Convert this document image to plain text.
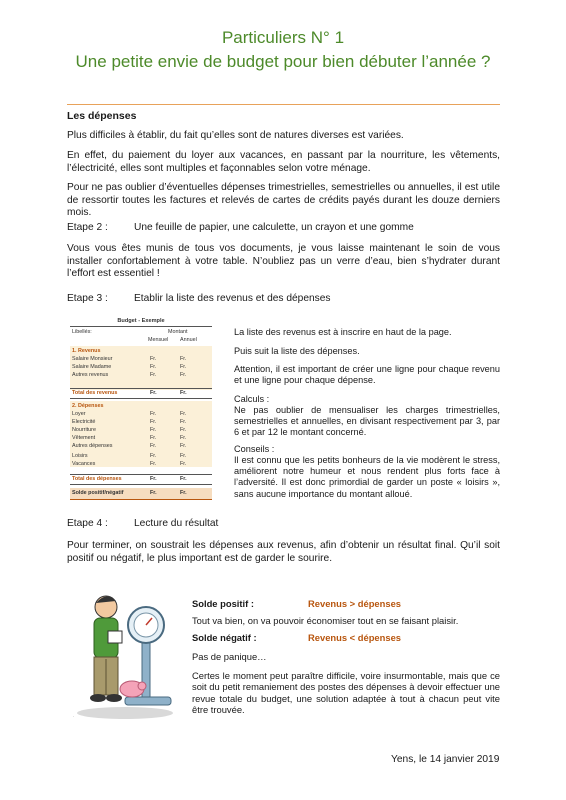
Particuliers N° 1
Une petite envie de budget pour bien débuter l’année ?
Les dépenses
Plus difficiles à établir, du fait qu’elles sont de natures diverses est variées.
En effet, du paiement du loyer aux vacances, en passant par la nourriture, les vêtements, l’électricité, elles sont multiples et façonnables selon votre ménage.
Pour ne pas oublier d’éventuelles dépenses trimestrielles, semestrielles ou annuelles, il est utile de ressortir toutes les factures et relevés de cartes de crédits payés durant les douze derniers mois.
Etape 2 :	Une feuille de papier, une calculette, un crayon et une gomme
Vous vous êtes munis de tous vos documents, je vous laisse maintenant le soin de vous installer confortablement à votre table. N’oubliez pas un verre d’eau, bien s’hydrater durant l’effort est essentiel !
Etape 3 :	Etablir la liste des revenus et des dépenses
Budget - Exemple
Libellés:	Montant
Mensuel Annuel
1. Revenus
Salaire Monsieur	Fr.	Fr.
Salaire Madame	Fr.	Fr.
Autres revenus	Fr.	Fr.
Total des revenus	Fr.	Fr.
2. Dépenses
Loyer	Fr.	Fr.
Electricité	Fr.	Fr.
Nourriture	Fr.	Fr.
Vêtement	Fr.	Fr.
Autres dépenses	Fr.	Fr.
Loisirs	Fr.	Fr.
Vacances	Fr.	Fr.
Total des dépenses	Fr.	Fr.
Solde positif/négatif	Fr.	Fr.
La liste des revenus est à inscrire en haut de la page.
Puis suit la liste des dépenses.
Attention, il est important de créer une ligne pour chaque revenu et une ligne pour chaque dépense.
Calculs :
Ne pas oublier de mensualiser les charges trimestrielles, semestrielles et annuelles, en divisant respectivement par 3, par 6 et par 12 le montant concerné.
Conseils :
Il est connu que les petits bonheurs de la vie modèrent le stress, améliorent notre humeur et nous rendent plus forts face à l’adversité. Il est donc primordial de garder un poste « loisirs », sans aucune importance du montant alloué.
Etape 4 :	Lecture du résultat
Pour terminer, on soustrait les dépenses aux revenus, afin d’obtenir un résultat final. Qu’il soit positif ou négatif, le plus important est de garder le sourire.
.
Solde positif :	Revenus > dépenses
Tout va bien, on va pouvoir économiser tout en se faisant plaisir.
Solde négatif :	Revenus < dépenses
Pas de panique…
Certes le moment peut paraître difficile, voire insurmontable, mais que ce soit du petit remaniement des postes des dépenses à devoir effectuer une revue totale du budget, une solution adaptée à tout à chacun peut vite être trouvée.
Yens, le 14 janvier 2019
